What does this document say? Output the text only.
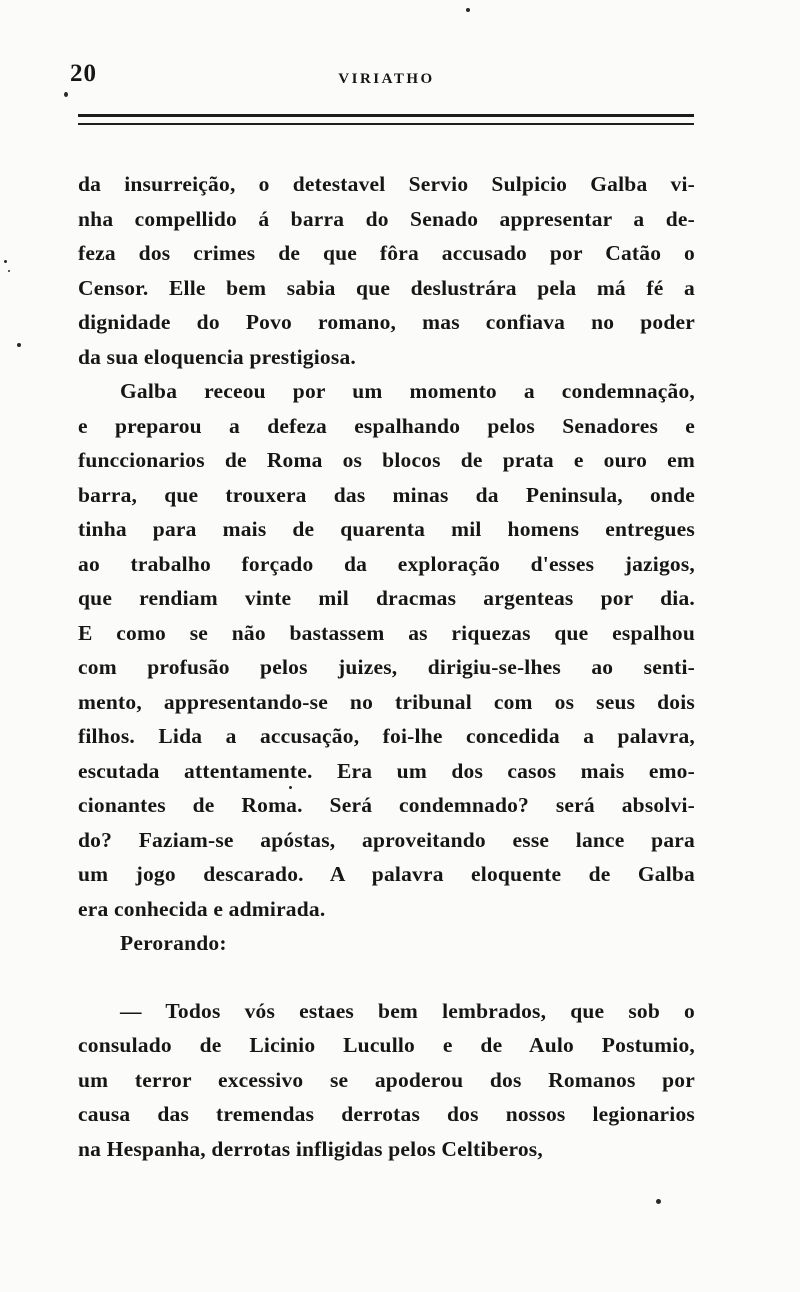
20	VIRIATHO
da insurreição, o detestavel Servio Sulpicio Galba vi-
nha compellido á barra do Senado appresentar a de-
feza dos crimes de que fôra accusado por Catão o
Censor. Elle bem sabia que deslustrára pela má fé a
dignidade do Povo romano, mas confiava no poder
da sua eloquencia prestigiosa.
Galba receou por um momento a condemnação,
e preparou a defeza espalhando pelos Senadores e
funccionarios de Roma os blocos de prata e ouro em
barra, que trouxera das minas da Peninsula, onde
tinha para mais de quarenta mil homens entregues
ao trabalho forçado da exploração d'esses jazigos,
que rendiam vinte mil dracmas argenteas por dia.
E como se não bastassem as riquezas que espalhou
com profusão pelos juizes, dirigiu-se-lhes ao senti-
mento, appresentando-se no tribunal com os seus dois
filhos. Lida a accusação, foi-lhe concedida a palavra,
escutada attentamente. Era um dos casos mais emo-
cionantes de Roma. Será condemnado? será absolvi-
do? Faziam-se apóstas, aproveitando esse lance para
um jogo descarado. A palavra eloquente de Galba
era conhecida e admirada.
Perorando:
— Todos vós estaes bem lembrados, que sob o
consulado de Licinio Lucullo e de Aulo Postumio,
um terror excessivo se apoderou dos Romanos por
causa das tremendas derrotas dos nossos legionarios
na Hespanha, derrotas infligidas pelos Celtiberos,
